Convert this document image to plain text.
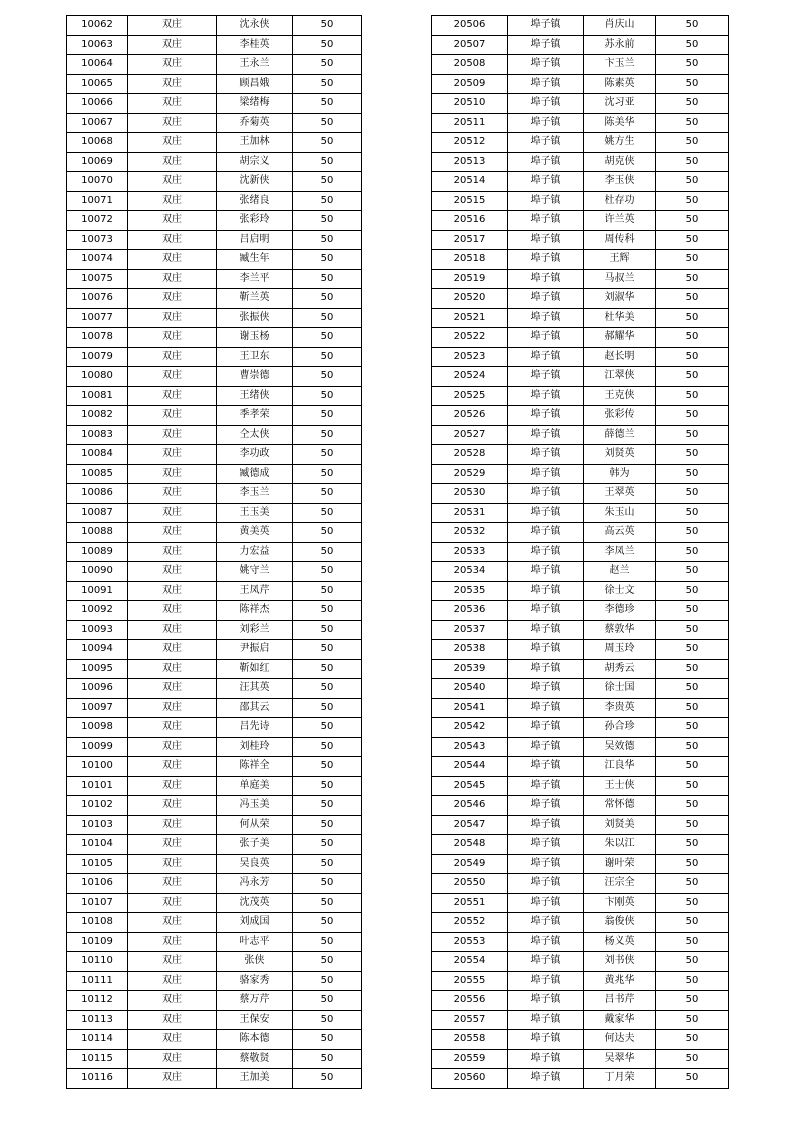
10062	双庄	沈永侠	50
10063	双庄	李桂英	50
10064	双庄	王永兰	50
10065	双庄	顾昌娥	50
10066	双庄	梁绪梅	50
10067	双庄	乔菊英	50
10068	双庄	王加林	50
10069	双庄	胡宗义	50
10070	双庄	沈新侠	50
10071	双庄	张绪良	50
10072	双庄	张彩玲	50
10073	双庄	吕启明	50
10074	双庄	臧生年	50
10075	双庄	李兰平	50
10076	双庄	靳兰英	50
10077	双庄	张振侠	50
10078	双庄	谢玉杨	50
10079	双庄	王卫东	50
10080	双庄	曹崇德	50
10081	双庄	王绪侠	50
10082	双庄	季孝荣	50
10083	双庄	仝太侠	50
10084	双庄	李功政	50
10085	双庄	臧德成	50
10086	双庄	李玉兰	50
10087	双庄	王玉美	50
10088	双庄	黄美英	50
10089	双庄	力宏益	50
10090	双庄	姚守兰	50
10091	双庄	王凤芹	50
10092	双庄	陈祥杰	50
10093	双庄	刘彩兰	50
10094	双庄	尹振启	50
10095	双庄	靳如红	50
10096	双庄	汪其英	50
10097	双庄	邵其云	50
10098	双庄	吕先诗	50
10099	双庄	刘桂玲	50
10100	双庄	陈祥全	50
10101	双庄	单庭美	50
10102	双庄	冯玉美	50
10103	双庄	何从荣	50
10104	双庄	张子美	50
10105	双庄	吴良英	50
10106	双庄	冯永芳	50
10107	双庄	沈茂英	50
10108	双庄	刘成国	50
10109	双庄	叶志平	50
10110	双庄	张侠	50
10111	双庄	骆家秀	50
10112	双庄	蔡万芹	50
10113	双庄	王保安	50
10114	双庄	陈本德	50
10115	双庄	蔡敬贤	50
10116	双庄	王加美	50
20506	埠子镇	肖庆山	50
20507	埠子镇	苏永前	50
20508	埠子镇	卞玉兰	50
20509	埠子镇	陈素英	50
20510	埠子镇	沈习亚	50
20511	埠子镇	陈美华	50
20512	埠子镇	姚方生	50
20513	埠子镇	胡克侠	50
20514	埠子镇	李玉侠	50
20515	埠子镇	杜存功	50
20516	埠子镇	许兰英	50
20517	埠子镇	周传科	50
20518	埠子镇	王辉	50
20519	埠子镇	马叔兰	50
20520	埠子镇	刘淑华	50
20521	埠子镇	杜华美	50
20522	埠子镇	郝耀华	50
20523	埠子镇	赵长明	50
20524	埠子镇	江翠侠	50
20525	埠子镇	王克侠	50
20526	埠子镇	张彩传	50
20527	埠子镇	薛德兰	50
20528	埠子镇	刘贤英	50
20529	埠子镇	韩为	50
20530	埠子镇	王翠英	50
20531	埠子镇	朱玉山	50
20532	埠子镇	高云英	50
20533	埠子镇	李凤兰	50
20534	埠子镇	赵兰	50
20535	埠子镇	徐士文	50
20536	埠子镇	李德珍	50
20537	埠子镇	蔡敦华	50
20538	埠子镇	周玉玲	50
20539	埠子镇	胡秀云	50
20540	埠子镇	徐士国	50
20541	埠子镇	李贵英	50
20542	埠子镇	孙合珍	50
20543	埠子镇	吴效德	50
20544	埠子镇	江良华	50
20545	埠子镇	王士侠	50
20546	埠子镇	常怀德	50
20547	埠子镇	刘贤美	50
20548	埠子镇	朱以江	50
20549	埠子镇	谢叶荣	50
20550	埠子镇	汪宗全	50
20551	埠子镇	卞刚英	50
20552	埠子镇	翁俊侠	50
20553	埠子镇	杨义英	50
20554	埠子镇	刘书侠	50
20555	埠子镇	黄兆华	50
20556	埠子镇	吕书芹	50
20557	埠子镇	戴家华	50
20558	埠子镇	何达夫	50
20559	埠子镇	吴翠华	50
20560	埠子镇	丁月荣	50
